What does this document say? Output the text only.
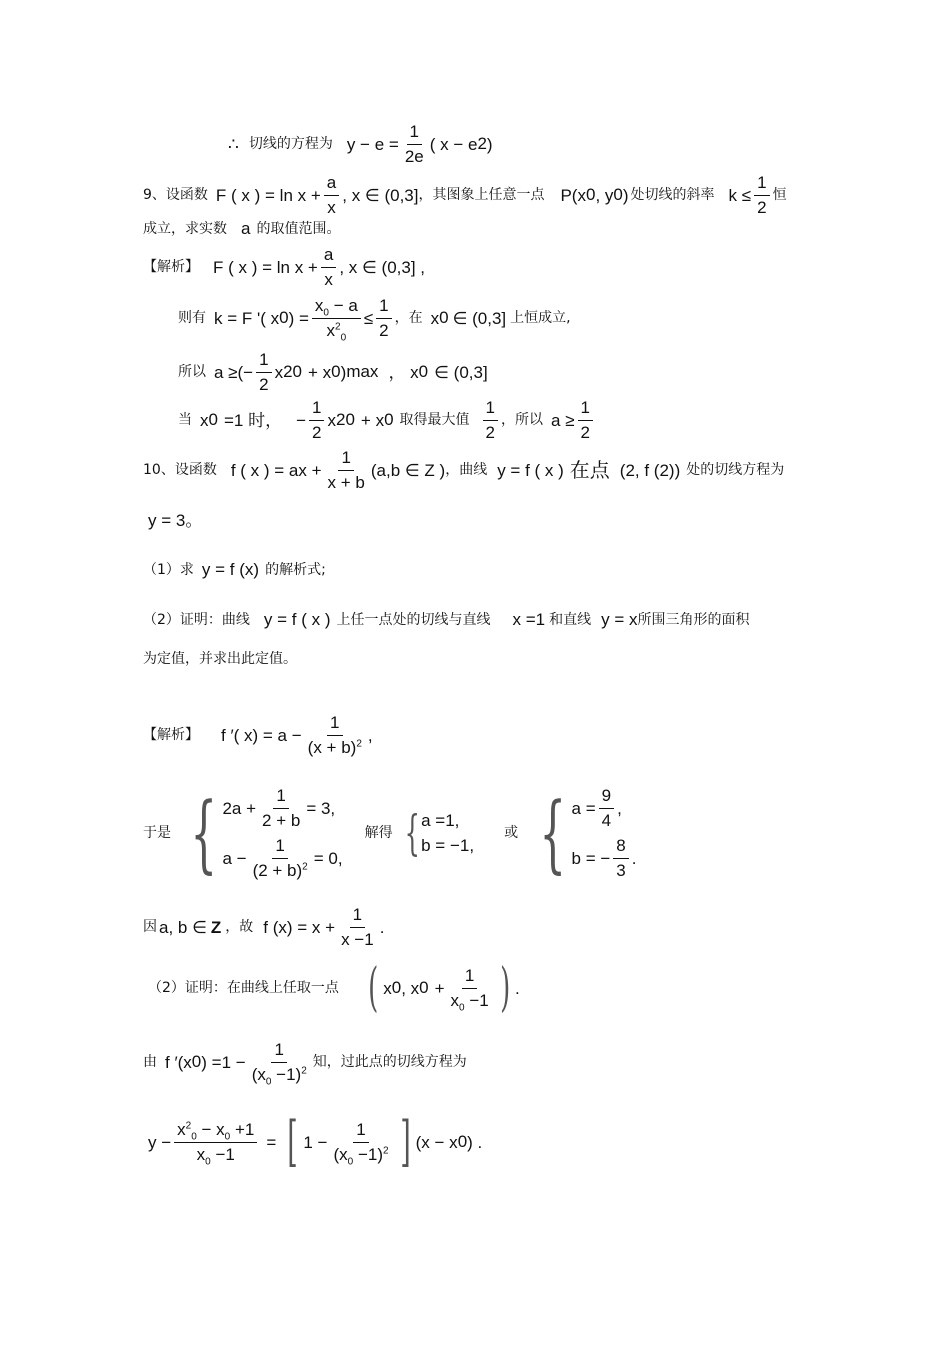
∴ 切线的方程为 $y - e = \frac{1}{2e}$ ( x − e 2 )
9、设函数 F ( x ) = $\ln x + \frac{a}{x}$ , x ∈ (0,3] ，其图象上任意一点 P(x 0 , y 0 ) 处切线的斜率 $k \le \frac{1}{2}$ 恒
成立，求实数 a 的取值范围。
【解析】 F ( x ) = $\ln x + \frac{a}{x}$ , x ∈ (0,3] ,
则有 k = F '( x 0 ) = $\frac{x_0 - a}{x^2_0} \le \frac{1}{2}$ ，在 x 0 ∈ (0,3] 上恒成立,
所以 a ≥(− $\frac{1}{2}$ x 2 0 + x 0 ) max ， x 0 ∈ (0,3]
当 x 0 =1 时， − $\frac{1}{2}$ x 2 0 + x 0 取得最大值 $\frac{1}{2}$ ，所以 $a \ge \frac{1}{2}$
10、设函数 f ( x ) = ax + $\frac{1}{x + b} (a,b$ ∈ Z ) ，曲线 y = f ( x ) 在点 (2, f (2)) 处的切线方程为
y = 3。
（1）求 y = f (x) 的解析式;
（2）证明：曲线 y = f ( x ) 上任一点处的切线与直线 x =1 和直线 y = x 所围三角形的面积
为定值，并求出此定值。
【解析】 f ′( $x) = a - \frac{1}{(x + b)^2}$ ,
于是 { $2a + \frac{1}{2 + b} = 3$,
$a - \frac{1}{(2 + b)^2} = 0$,
解得 { a =1,
b = −1,
或 { $a = \frac{9}{4}$ ,
b = − $\frac{8}{3}$ .
因 a, b ∈ Z ，故 f $(x) = x + \frac{1}{x -1}$ .
（2）证明：在曲线上任取一点 ( x 0 , x $0 + \frac{1}{x_0 -1}$ ) .
由 f ′(x 0 ) $=1 - \frac{1}{(x_0 -1)^2}$ 知，过此点的切线方程为
$y - \frac{x^2_0 - x_0 +1}{x_0 -1}$ = [ $1 - \frac{1}{(x_0 -1)^2}$ ] (x − x 0 ) .
